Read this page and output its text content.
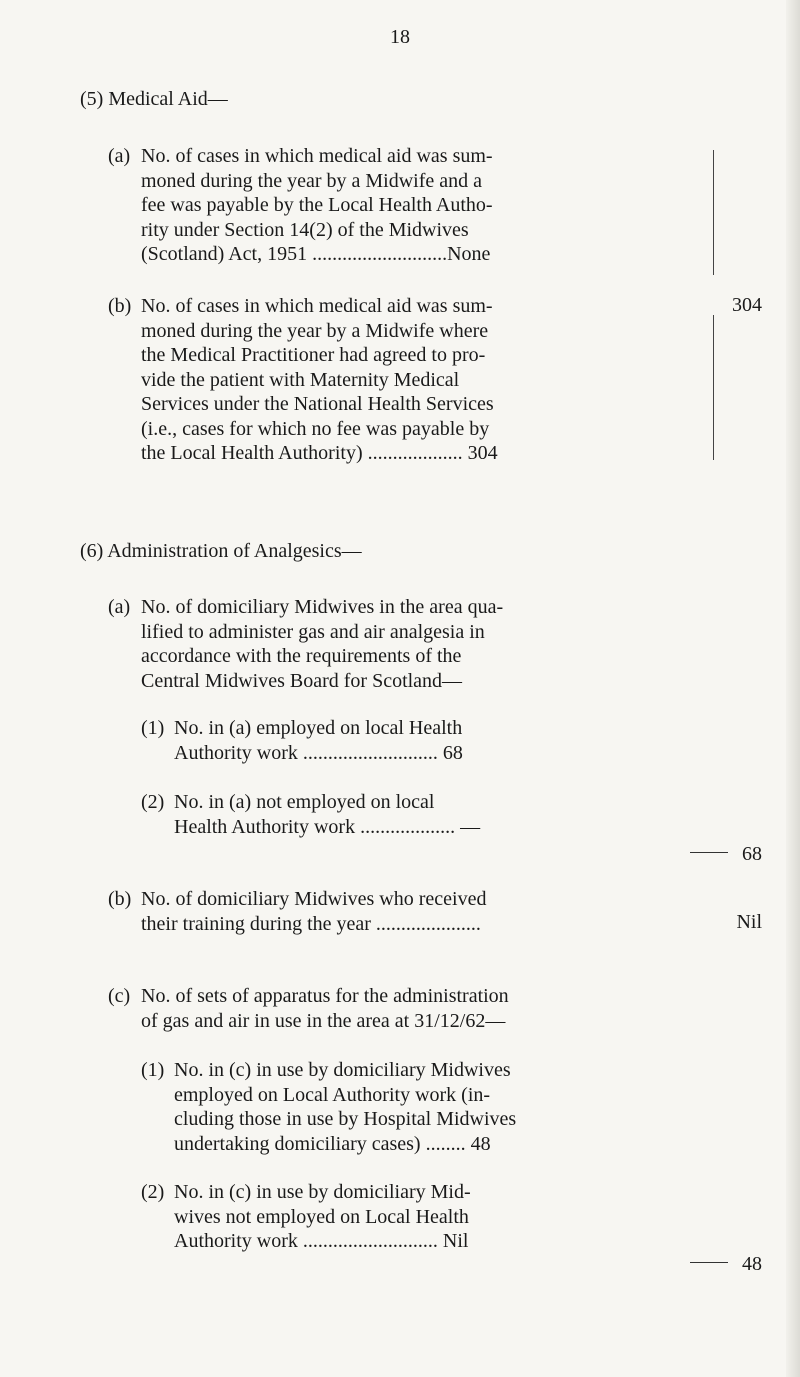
18
(5) Medical Aid—
(a) No. of cases in which medical aid was sum-
moned during the year by a Midwife and a
fee was payable by the Local Health Autho-
rity under Section 14(2) of the Midwives
(Scotland) Act, 1951 ...........................None
(b) No. of cases in which medical aid was sum-
moned during the year by a Midwife where
the Medical Practitioner had agreed to pro-
vide the patient with Maternity Medical
Services under the National Health Services
(i.e., cases for which no fee was payable by
the Local Health Authority) ................... 304
304
(6) Administration of Analgesics—
(a) No. of domiciliary Midwives in the area qua-
lified to administer gas and air analgesia in
accordance with the requirements of the
Central Midwives Board for Scotland—
(1) No. in (a) employed on local Health
Authority work ........................... 68
(2) No. in (a) not employed on local
Health Authority work ................... —
68
(b) No. of domiciliary Midwives who received
their training during the year .....................	Nil
(c) No. of sets of apparatus for the administration
of gas and air in use in the area at 31/12/62—
(1) No. in (c) in use by domiciliary Midwives
employed on Local Authority work (in-
cluding those in use by Hospital Midwives
undertaking domiciliary cases) ........ 48
(2) No. in (c) in use by domiciliary Mid-
wives not employed on Local Health
Authority work ........................... Nil
48
